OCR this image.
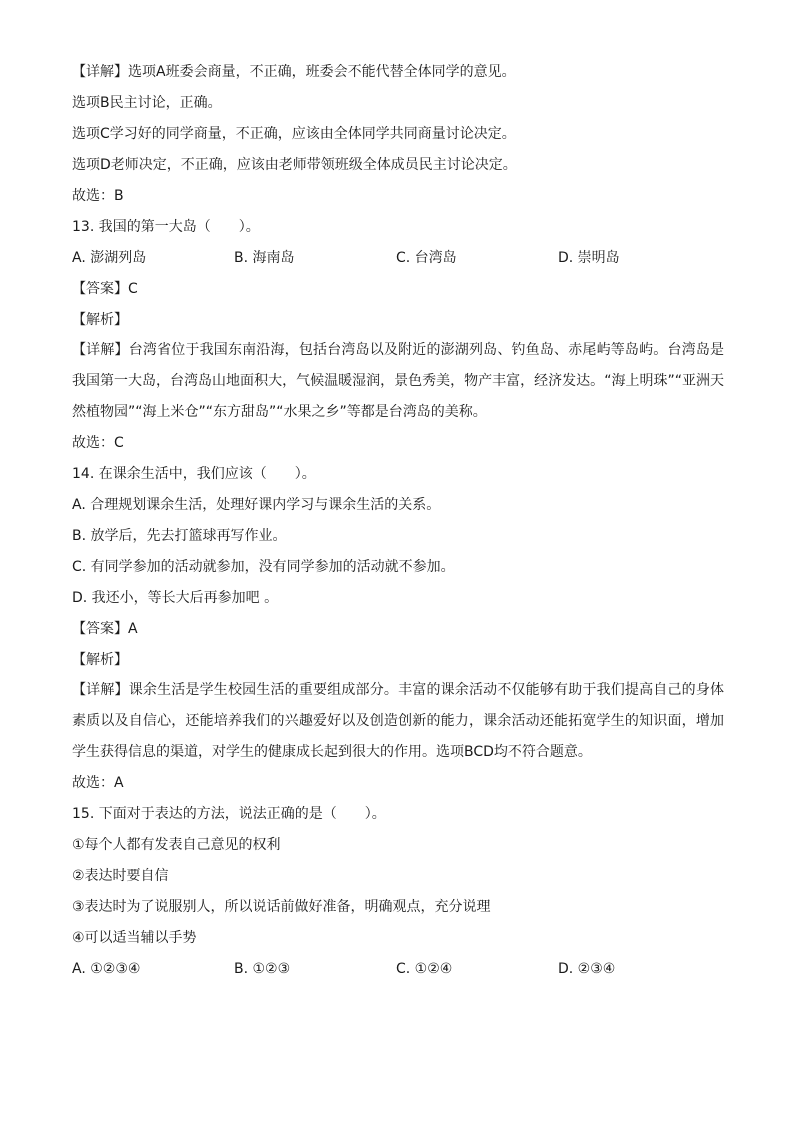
【详解】选项A班委会商量，不正确，班委会不能代替全体同学的意见。
选项B民主讨论，正确。
选项C学习好的同学商量，不正确，应该由全体同学共同商量讨论决定。
选项D老师决定，不正确，应该由老师带领班级全体成员民主讨论决定。
故选：B
13. 我国的第一大岛（　　）。
A. 澎湖列岛	B. 海南岛	C. 台湾岛	D. 崇明岛
【答案】C
【解析】
【详解】台湾省位于我国东南沿海，包括台湾岛以及附近的澎湖列岛、钓鱼岛、赤尾屿等岛屿。台湾岛是我国第一大岛，台湾岛山地面积大，气候温暖湿润，景色秀美，物产丰富，经济发达。“海上明珠”“亚洲天然植物园”“海上米仓”“东方甜岛”“水果之乡”等都是台湾岛的美称。
故选：C
14. 在课余生活中，我们应该（　　）。
A. 合理规划课余生活，处理好课内学习与课余生活的关系。
B. 放学后，先去打篮球再写作业。
C. 有同学参加的活动就参加，没有同学参加的活动就不参加。
D. 我还小，等长大后再参加吧 。
【答案】A
【解析】
【详解】课余生活是学生校园生活的重要组成部分。丰富的课余活动不仅能够有助于我们提高自己的身体素质以及自信心，还能培养我们的兴趣爱好以及创造创新的能力，课余活动还能拓宽学生的知识面，增加学生获得信息的渠道，对学生的健康成长起到很大的作用。选项BCD均不符合题意。
故选：A
15. 下面对于表达的方法，说法正确的是（　　）。
①每个人都有发表自己意见的权利
②表达时要自信
③表达时为了说服别人，所以说话前做好准备，明确观点，充分说理
④可以适当辅以手势
A. ①②③④	B. ①②③	C. ①②④	D. ②③④
